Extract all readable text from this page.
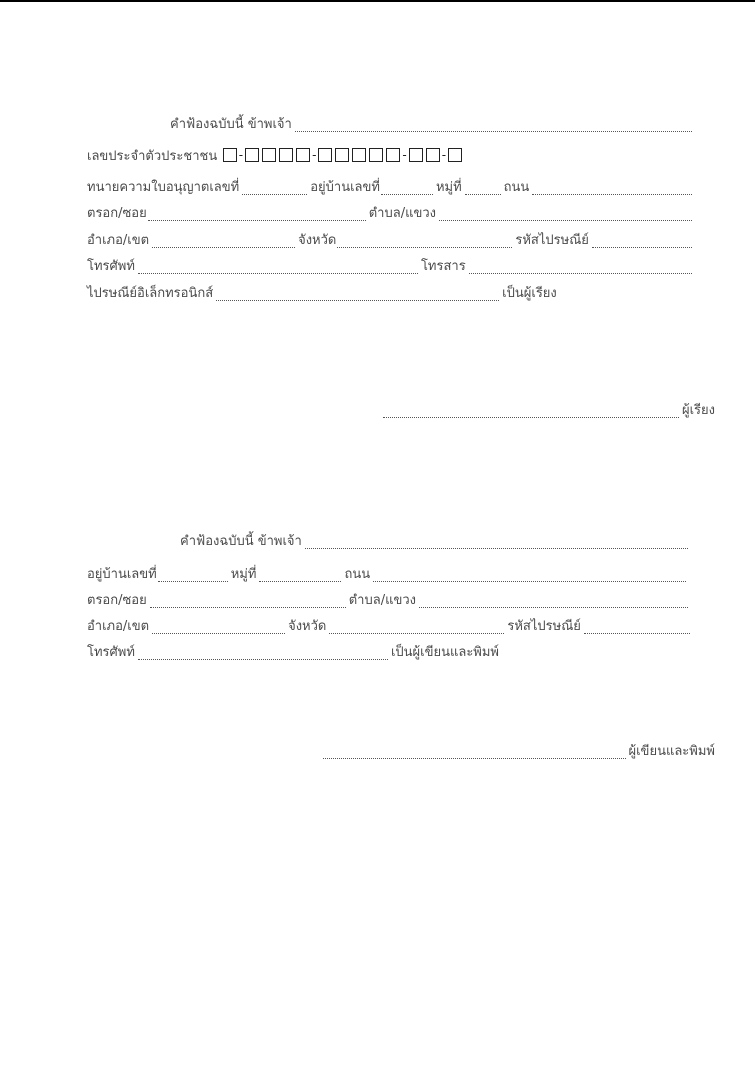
คำฟ้องฉบับนี้ ข้าพเจ้า
เลขประจำตัวประชาชน -	-	-	-
ทนายความใบอนุญาตเลขที่	อยู่บ้านเลขที่	หมู่ที่	ถนน
ตรอก/ซอย	ตำบล/แขวง
อำเภอ/เขต	จังหวัด	รหัสไปรษณีย์
โทรศัพท์	โทรสาร
ไปรษณีย์อิเล็กทรอนิกส์	เป็นผู้เรียง
ผู้เรียง
คำฟ้องฉบับนี้ ข้าพเจ้า
อยู่บ้านเลขที่	หมู่ที่	ถนน
ตรอก/ซอย	ตำบล/แขวง
อำเภอ/เขต	จังหวัด	รหัสไปรษณีย์
โทรศัพท์	เป็นผู้เขียนและพิมพ์
ผู้เขียนและพิมพ์
